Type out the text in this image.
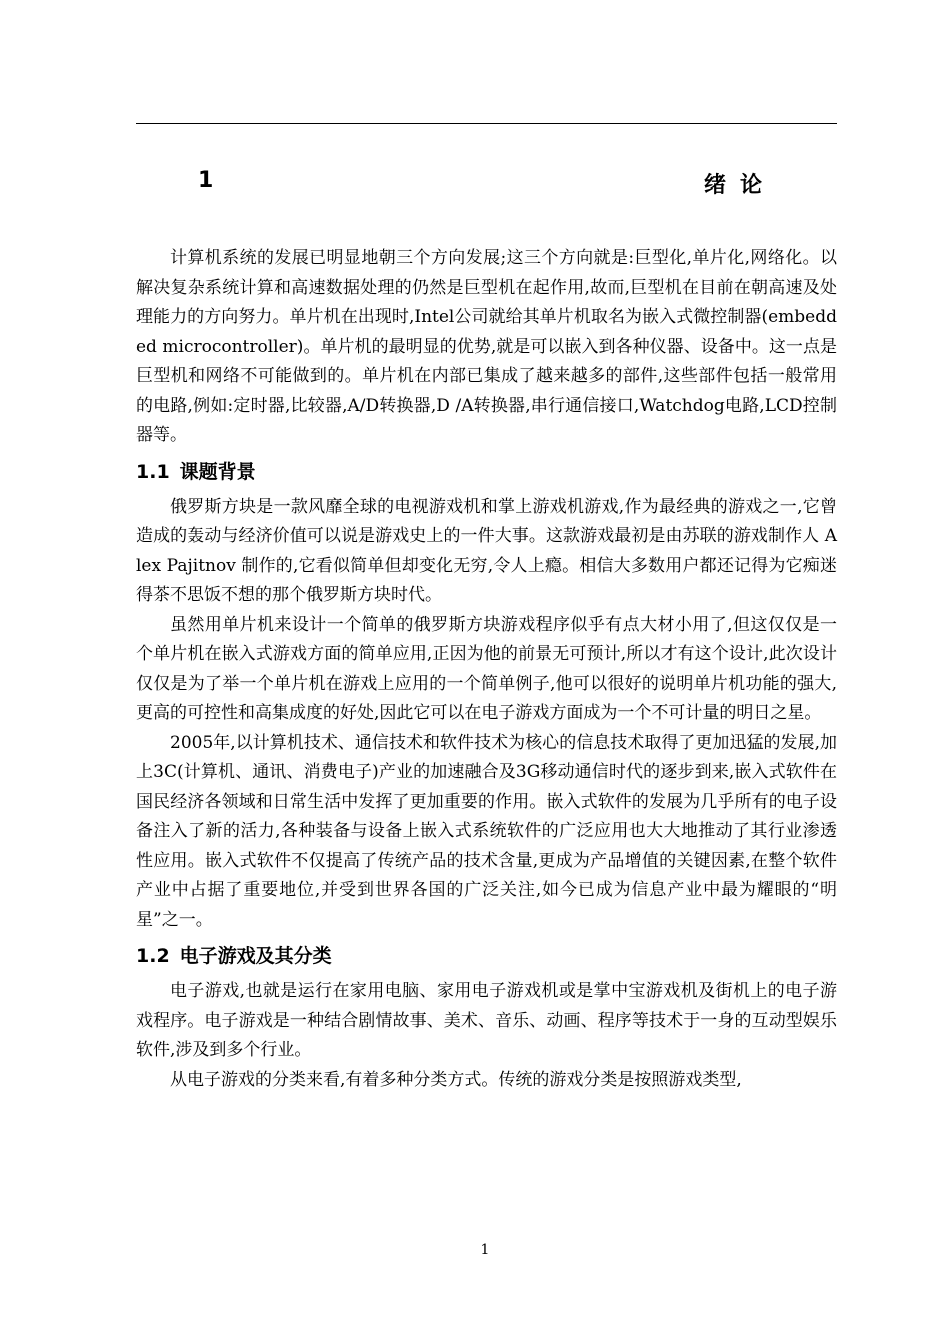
1	绪论

计算机系统的发展已明显地朝三个方向发展;这三个方向就是:巨型化,单片化,网络化。以解决复杂系统计算和高速数据处理的仍然是巨型机在起作用,故而,巨型机在目前在朝高速及处理能力的方向努力。单片机在出现时,Intel公司就给其单片机取名为嵌入式微控制器(embedded microcontroller)。单片机的最明显的优势,就是可以嵌入到各种仪器、设备中。这一点是巨型机和网络不可能做到的。单片机在内部已集成了越来越多的部件,这些部件包括一般常用的电路,例如:定时器,比较器,A/D转换器,D /A转换器,串行通信接口,Watchdog电路,LCD控制器等。

1.1 课题背景

俄罗斯方块是一款风靡全球的电视游戏机和掌上游戏机游戏,作为最经典的游戏之一,它曾造成的轰动与经济价值可以说是游戏史上的一件大事。这款游戏最初是由苏联的游戏制作人 Alex Pajitnov 制作的,它看似简单但却变化无穷,令人上瘾。相信大多数用户都还记得为它痴迷得茶不思饭不想的那个俄罗斯方块时代。

虽然用单片机来设计一个简单的俄罗斯方块游戏程序似乎有点大材小用了,但这仅仅是一个单片机在嵌入式游戏方面的简单应用,正因为他的前景无可预计,所以才有这个设计,此次设计仅仅是为了举一个单片机在游戏上应用的一个简单例子,他可以很好的说明单片机功能的强大,更高的可控性和高集成度的好处,因此它可以在电子游戏方面成为一个不可计量的明日之星。

2005年,以计算机技术、通信技术和软件技术为核心的信息技术取得了更加迅猛的发展,加上3C(计算机、通讯、消费电子)产业的加速融合及3G移动通信时代的逐步到来,嵌入式软件在国民经济各领域和日常生活中发挥了更加重要的作用。嵌入式软件的发展为几乎所有的电子设备注入了新的活力,各种装备与设备上嵌入式系统软件的广泛应用也大大地推动了其行业渗透性应用。嵌入式软件不仅提高了传统产品的技术含量,更成为产品增值的关键因素,在整个软件产业中占据了重要地位,并受到世界各国的广泛关注,如今已成为信息产业中最为耀眼的“明星”之一。

1.2 电子游戏及其分类

电子游戏,也就是运行在家用电脑、家用电子游戏机或是掌中宝游戏机及街机上的电子游戏程序。电子游戏是一种结合剧情故事、美术、音乐、动画、程序等技术于一身的互动型娱乐软件,涉及到多个行业。

从电子游戏的分类来看,有着多种分类方式。传统的游戏分类是按照游戏类型,

1
